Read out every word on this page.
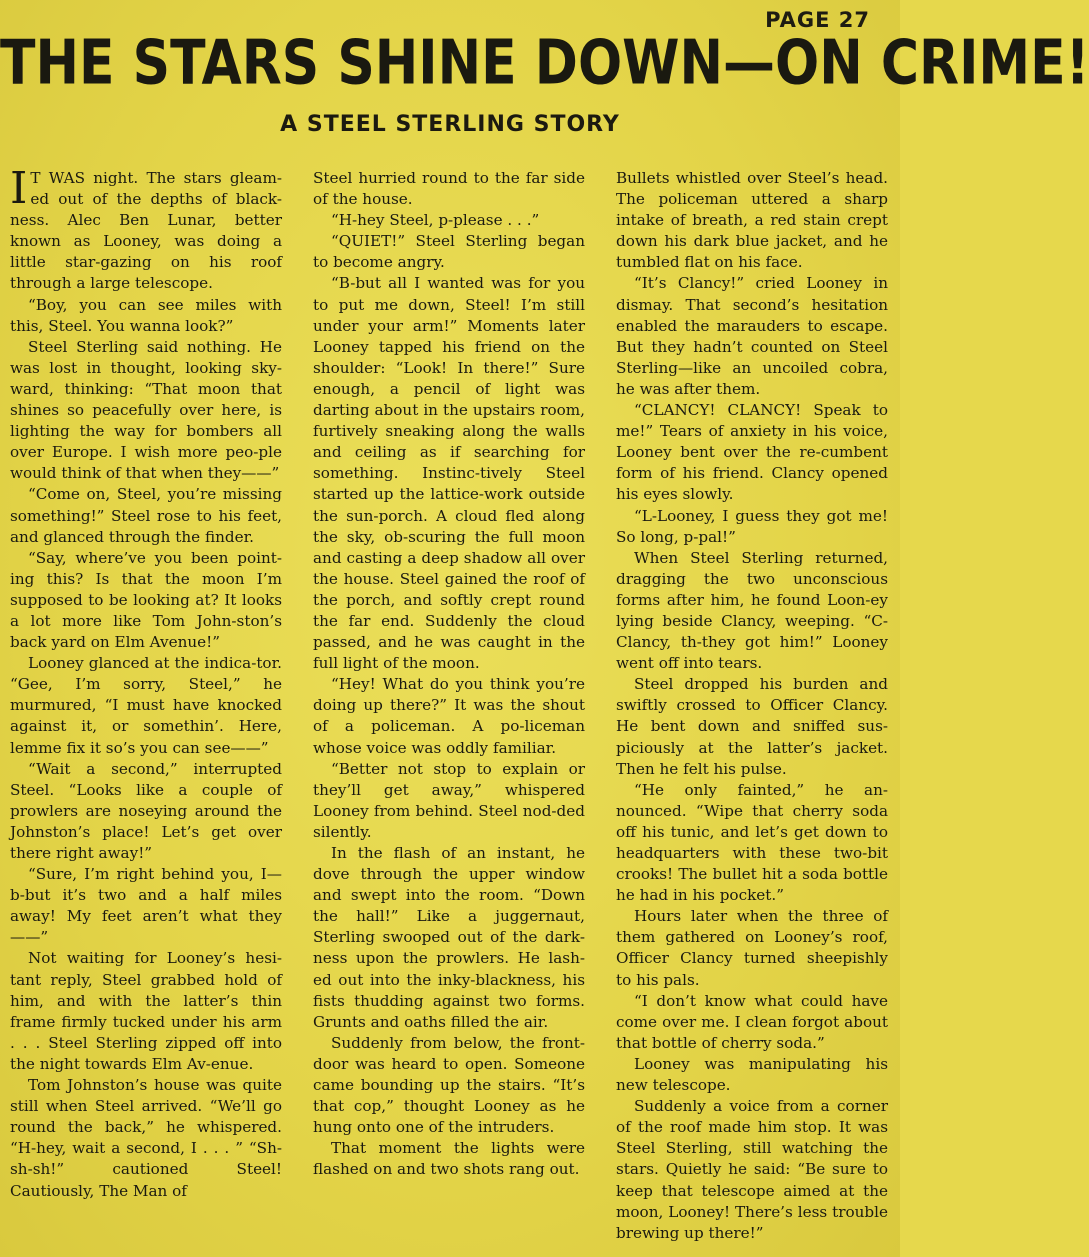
PAGE 27
THE STARS SHINE DOWN—ON CRIME!
A STEEL STERLING STORY

I T WAS night. The stars gleam-ed out of the depths of black-ness. Alec Ben Lunar, better known as Looney, was doing a little star-gazing on his roof through a large telescope.

“Boy, you can see miles with this, Steel. You wanna look?”

Steel Sterling said nothing. He was lost in thought, looking sky-ward, thinking: “That moon that shines so peacefully over here, is lighting the way for bombers all over Europe. I wish more peo-ple would think of that when they——”

“Come on, Steel, you’re missing something!” Steel rose to his feet, and glanced through the finder.

“Say, where’ve you been point-ing this? Is that the moon I’m supposed to be looking at? It looks a lot more like Tom John-ston’s back yard on Elm Avenue!”

Looney glanced at the indica-tor. “Gee, I’m sorry, Steel,” he murmured, “I must have knocked against it, or somethin’. Here, lemme fix it so’s you can see——”

“Wait a second,” interrupted Steel. “Looks like a couple of prowlers are noseying around the Johnston’s place! Let’s get over there right away!”

“Sure, I’m right behind you, I—b-but it’s two and a half miles away! My feet aren’t what they——”

Not waiting for Looney’s hesi-tant reply, Steel grabbed hold of him, and with the latter’s thin frame firmly tucked under his arm . . . Steel Sterling zipped off into the night towards Elm Av-enue.

Tom Johnston’s house was quite still when Steel arrived. “We’ll go round the back,” he whispered. “H-hey, wait a second, I . . . ” “Sh-sh-sh!” cautioned Steel! Cautiously, The Man of

Steel hurried round to the far side of the house.

“H-hey Steel, p-please . . .”

“QUIET!” Steel Sterling began to become angry.

“B-but all I wanted was for you to put me down, Steel! I’m still under your arm!” Moments later Looney tapped his friend on the shoulder: “Look! In there!” Sure enough, a pencil of light was darting about in the upstairs room, furtively sneaking along the walls and ceiling as if searching for something. Instinc-tively Steel started up the lattice-work outside the sun-porch. A cloud fled along the sky, ob-scuring the full moon and casting a deep shadow all over the house. Steel gained the roof of the porch, and softly crept round the far end. Suddenly the cloud passed, and he was caught in the full light of the moon.

“Hey! What do you think you’re doing up there?” It was the shout of a policeman. A po-liceman whose voice was oddly familiar.

“Better not stop to explain or they’ll get away,” whispered Looney from behind. Steel nod-ded silently.

In the flash of an instant, he dove through the upper window and swept into the room. “Down the hall!” Like a juggernaut, Sterling swooped out of the dark-ness upon the prowlers. He lash-ed out into the inky-blackness, his fists thudding against two forms. Grunts and oaths filled the air.

Suddenly from below, the front-door was heard to open. Someone came bounding up the stairs. “It’s that cop,” thought Looney as he hung onto one of the intruders.

That moment the lights were flashed on and two shots rang out.

Bullets whistled over Steel’s head. The policeman uttered a sharp intake of breath, a red stain crept down his dark blue jacket, and he tumbled flat on his face.

“It’s Clancy!” cried Looney in dismay. That second’s hesitation enabled the marauders to escape. But they hadn’t counted on Steel Sterling—like an uncoiled cobra, he was after them.

“CLANCY! CLANCY! Speak to me!” Tears of anxiety in his voice, Looney bent over the re-cumbent form of his friend. Clancy opened his eyes slowly.

“L-Looney, I guess they got me! So long, p-pal!”

When Steel Sterling returned, dragging the two unconscious forms after him, he found Loon-ey lying beside Clancy, weeping. “C-Clancy, th-they got him!” Looney went off into tears.

Steel dropped his burden and swiftly crossed to Officer Clancy. He bent down and sniffed sus-piciously at the latter’s jacket. Then he felt his pulse.

“He only fainted,” he an-nounced. “Wipe that cherry soda off his tunic, and let’s get down to headquarters with these two-bit crooks! The bullet hit a soda bottle he had in his pocket.”

Hours later when the three of them gathered on Looney’s roof, Officer Clancy turned sheepishly to his pals.

“I don’t know what could have come over me. I clean forgot about that bottle of cherry soda.”

Looney was manipulating his new telescope.

Suddenly a voice from a corner of the roof made him stop. It was Steel Sterling, still watching the stars. Quietly he said: “Be sure to keep that telescope aimed at the moon, Looney! There’s less trouble brewing up there!”
